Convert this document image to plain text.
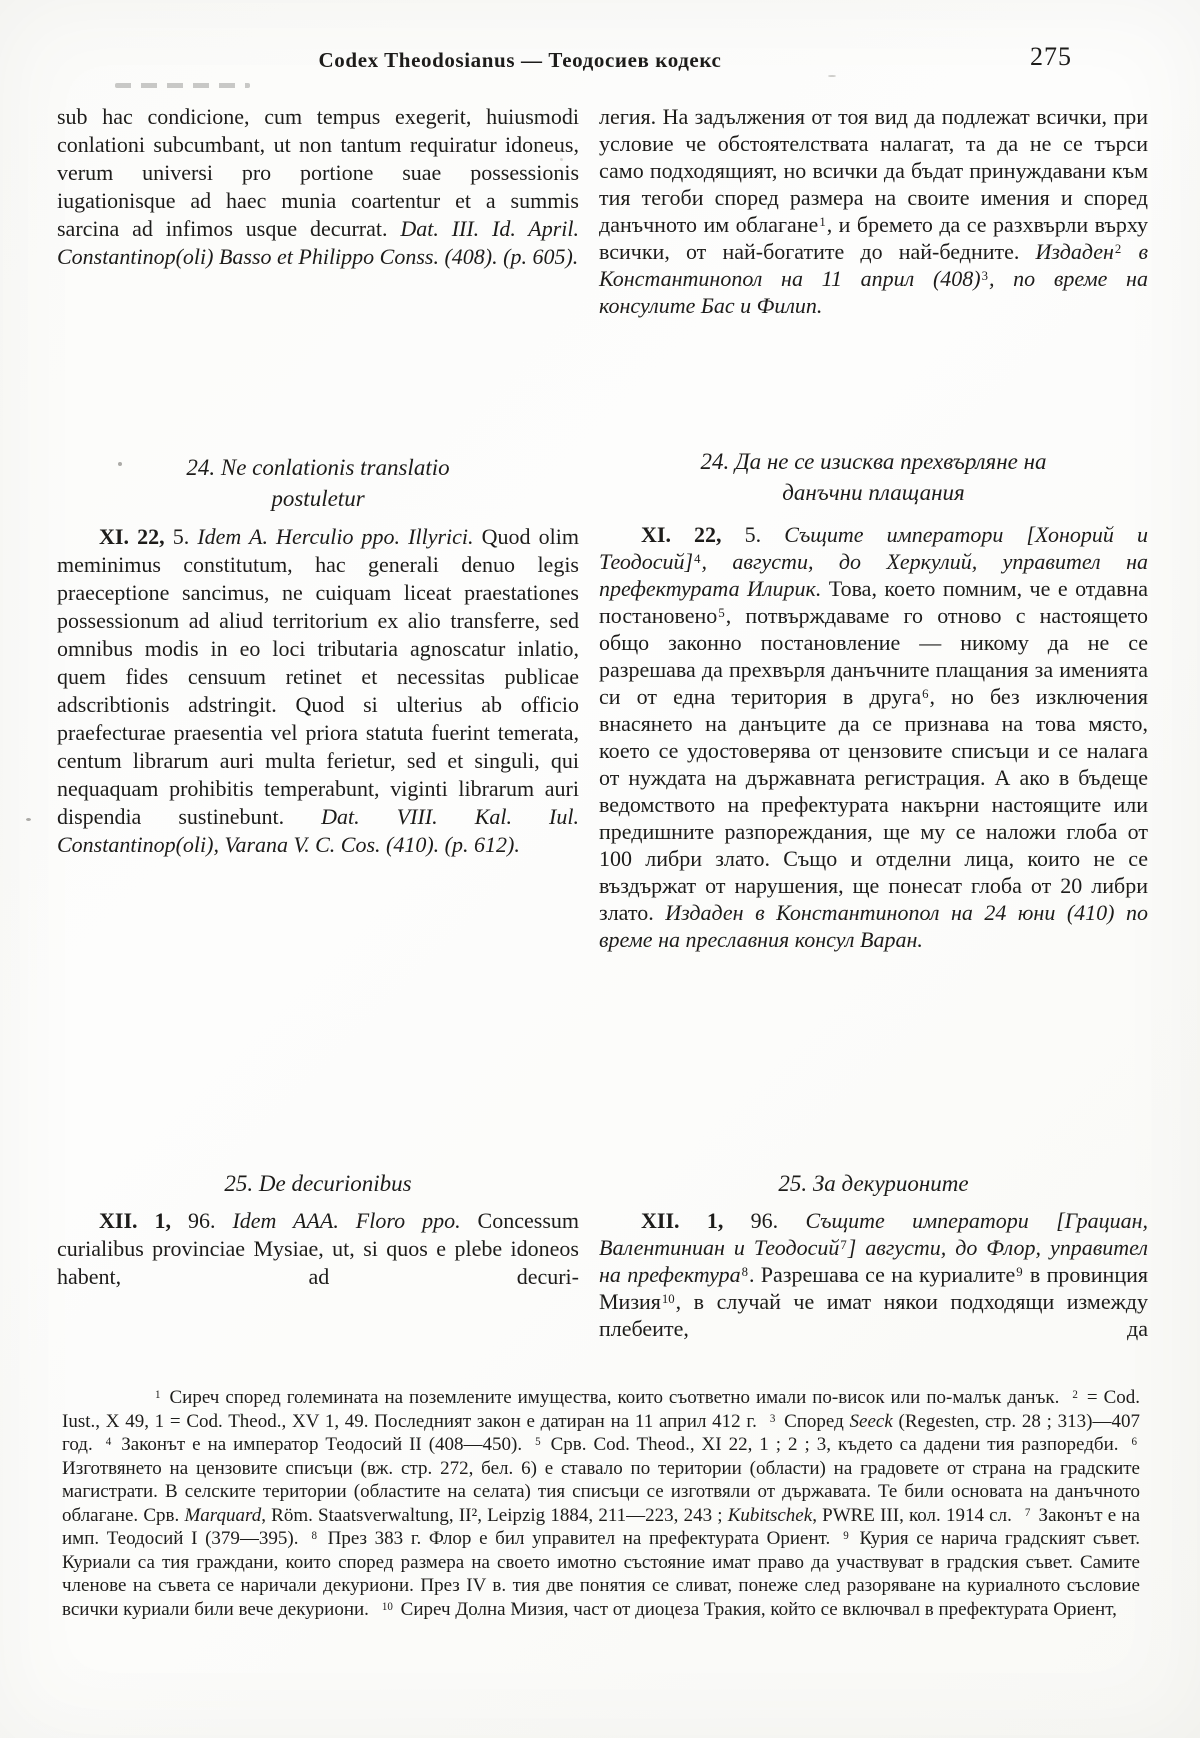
Codex Theodosianus — Теодосиев кодекс	275
sub hac condicione, cum tempus exegerit, huiusmodi conlationi subcumbant, ut non tantum requiratur idoneus, verum universi pro portione suae possessionis iugationisque ad haec munia coartentur et a summis sarcina ad infimos usque decurrat. Dat. III. Id. April. Constantinop(oli) Basso et Philippo Conss. (408). (p. 605).
24. Ne conlationis translatio
postuletur
XI. 22, 5. Idem A. Herculio ppo. Illyrici. Quod olim meminimus constitutum, hac generali denuo legis praeceptione sancimus, ne cuiquam liceat praestationes possessionum ad aliud territorium ex alio transferre, sed omnibus modis in eo loci tributaria agnoscatur inlatio, quem fides censuum retinet et necessitas publicae adscribtionis adstringit. Quod si ulterius ab officio praefecturae praesentia vel priora statuta fuerint temerata, centum librarum auri multa ferietur, sed et singuli, qui nequaquam prohibitis temperabunt, viginti librarum auri dispendia sustinebunt. Dat. VIII. Kal. Iul. Constantinop(oli), Varana V. C. Cos. (410). (p. 612).
25. De decurionibus
XII. 1, 96. Idem AAA. Floro ppo. Concessum curialibus provinciae Mysiae, ut, si quos e plebe idoneos habent, ad decuri-
легия. На задължения от тоя вид да подлежат всички, при условие че обстоятелствата налагат, та да не се търси само подходящият, но всички да бъдат принуждавани към тия тегоби според размера на своите имения и според данъчното им облагане$^1$, и бремето да се разхвърли върху всички, от най-богатите до най-бедните. Издаден$^2$ в Константинопол на 11 април $(408)^3$, по време на консулите Бас и Филип.
24. Да не се изисква прехвърляне на
данъчни плащания
XI. 22, 5. Същите императори [Хонорий и Теодосий]$^4$, августи, до Херкулий, управител на префектурата Илирик. Това, което помним, че е отдавна постановено$^5$, потвърждаваме го отново с настоящето общо законно постановление — никому да не се разрешава да прехвърля данъчните плащания за именията си от една територия в друга$^6$, но без изключения внасянето на данъците да се признава на това място, което се удостоверява от цензовите списъци и се налага от нуждата на държавната регистрация. А ако в бъдеще ведомството на префектурата накърни настоящите или предишните разпореждания, ще му се наложи глоба от 100 либри злато. Също и отделни лица, които не се въздържат от нарушения, ще понесат глоба от 20 либри злато. Издаден в Константинопол на 24 юни (410) по време на преславния консул Варан.
25. За декурионите
XII. 1, 96. Същите императори [Грациан, Валентиниан и Теодосий$^7$] августи, до Флор, управител на префектура$^8$. Разрешава се на куриалите$^9$ в провинция Мизия$^{10}$, в случай че имат някои подходящи измежду плебеите, да
$^1$ Сиреч според големината на поземлените имущества, които съответно имали по-висок или по-малък данък. $^2$ = Cod. Iust., X 49, 1 = Cod. Theod., XV 1, 49. Последният закон е датиран на 11 април 412 г. $^3$ Според Seeck (Regesten, стр. 28 ; 313)—407 год. $^4$ Законът е на император Теодосий II (408—450). $^5$ Срв. Cod. Theod., XI 22, 1 ; 2 ; 3, където са дадени тия разпоредби. $^6$ Изготвянето на цензовите списъци (вж. стр. 272, бел. 6) е ставало по територии (области) на градовете от страна на градските магистрати. В селските територии (областите на селата) тия списъци се изготвяли от държавата. Те били основата на данъчното облагане. Срв. Marquard, Röm. Staatsverwaltung, II², Leipzig 1884, 211—223, 243 ; Kubitschek, PWRE III, кол. 1914 сл. $^7$ Законът е на имп. Теодосий I (379—395). $^8$ През 383 г. Флор е бил управител на префектурата Ориент. $^9$ Курия се нарича градският съвет. Куриали са тия граждани, които според размера на своето имотно състояние имат право да участвуват в градския съвет. Самите членове на съвета се наричали декуриони. През IV в. тия две понятия се сливат, понеже след разоряване на куриалното съсловие всички куриали били вече декуриони. $^{10}$ Сиреч Долна Мизия, част от диоцеза Тракия, който се включвал в префектурата Ориент,
